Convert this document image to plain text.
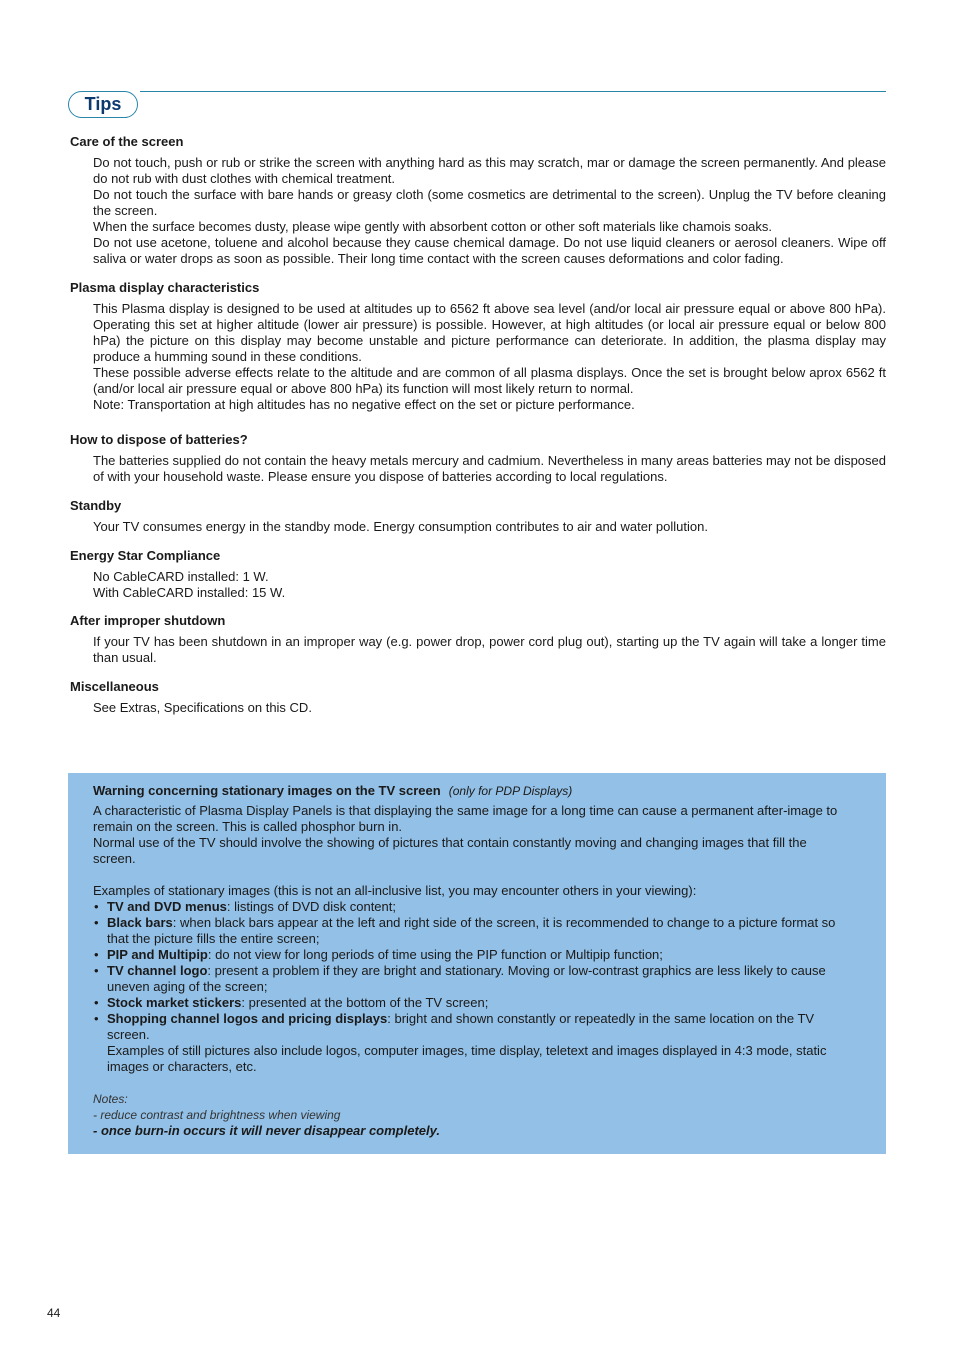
Tips

Care of the screen

Do not touch, push or rub or strike the screen with anything hard as this may scratch, mar or damage the screen permanently. And please do not rub with dust clothes with chemical treatment.

Do not touch the surface with bare hands or greasy cloth (some cosmetics are detrimental to the screen). Unplug the TV before cleaning the screen.

When the surface becomes dusty, please wipe gently with absorbent cotton or other soft materials like chamois soaks.

Do not use acetone, toluene and alcohol because they cause chemical damage. Do not use liquid cleaners or aerosol cleaners. Wipe off saliva or water drops as soon as possible. Their long time contact with the screen causes deformations and color fading.

Plasma display characteristics

This Plasma display is designed to be used at altitudes up to 6562 ft above sea level (and/or local air pressure equal or above 800 hPa). Operating this set at higher altitude (lower air pressure) is possible. However, at high altitudes (or local air pressure equal or below 800 hPa) the picture on this display may become unstable and picture performance can deteriorate. In addition, the plasma display may produce a humming sound in these conditions.

These possible adverse effects relate to the altitude and are common of all plasma displays. Once the set is brought below aprox 6562 ft (and/or local air pressure equal or above 800 hPa) its function will most likely return to normal.

Note: Transportation at high altitudes has no negative effect on the set or picture performance.

How to dispose of batteries?

The batteries supplied do not contain the heavy metals mercury and cadmium. Nevertheless in many areas batteries may not be disposed of with your household waste. Please ensure you dispose of batteries according to local regulations.

Standby

Your TV consumes energy in the standby mode. Energy consumption contributes to air and water pollution.

Energy Star Compliance

No CableCARD installed: 1 W.

With CableCARD installed: 15 W.

After improper shutdown

If your TV has been shutdown in an improper way (e.g. power drop, power cord plug out), starting up the TV again will take a longer time than usual.

Miscellaneous

See Extras, Specifications on this CD.

Warning concerning stationary images on the TV screen (only for PDP Displays)

A characteristic of Plasma Display Panels is that displaying the same image for a long time can cause a permanent after-image to remain on the screen. This is called phosphor burn in.

Normal use of the TV should involve the showing of pictures that contain constantly moving and changing images that fill the screen.

Examples of stationary images (this is not an all-inclusive list, you may encounter others in your viewing):

• TV and DVD menus: listings of DVD disk content;
• Black bars: when black bars appear at the left and right side of the screen, it is recommended to change to a picture format so that the picture fills the entire screen;
• PIP and Multipip: do not view for long periods of time using the PIP function or Multipip function;
• TV channel logo: present a problem if they are bright and stationary. Moving or low-contrast graphics are less likely to cause uneven aging of the screen;
• Stock market stickers: presented at the bottom of the TV screen;
• Shopping channel logos and pricing displays: bright and shown constantly or repeatedly in the same location on the TV screen.

Examples of still pictures also include logos, computer images, time display, teletext and images displayed in 4:3 mode, static images or characters, etc.

Notes:

- reduce contrast and brightness when viewing

- once burn-in occurs it will never disappear completely.

44
